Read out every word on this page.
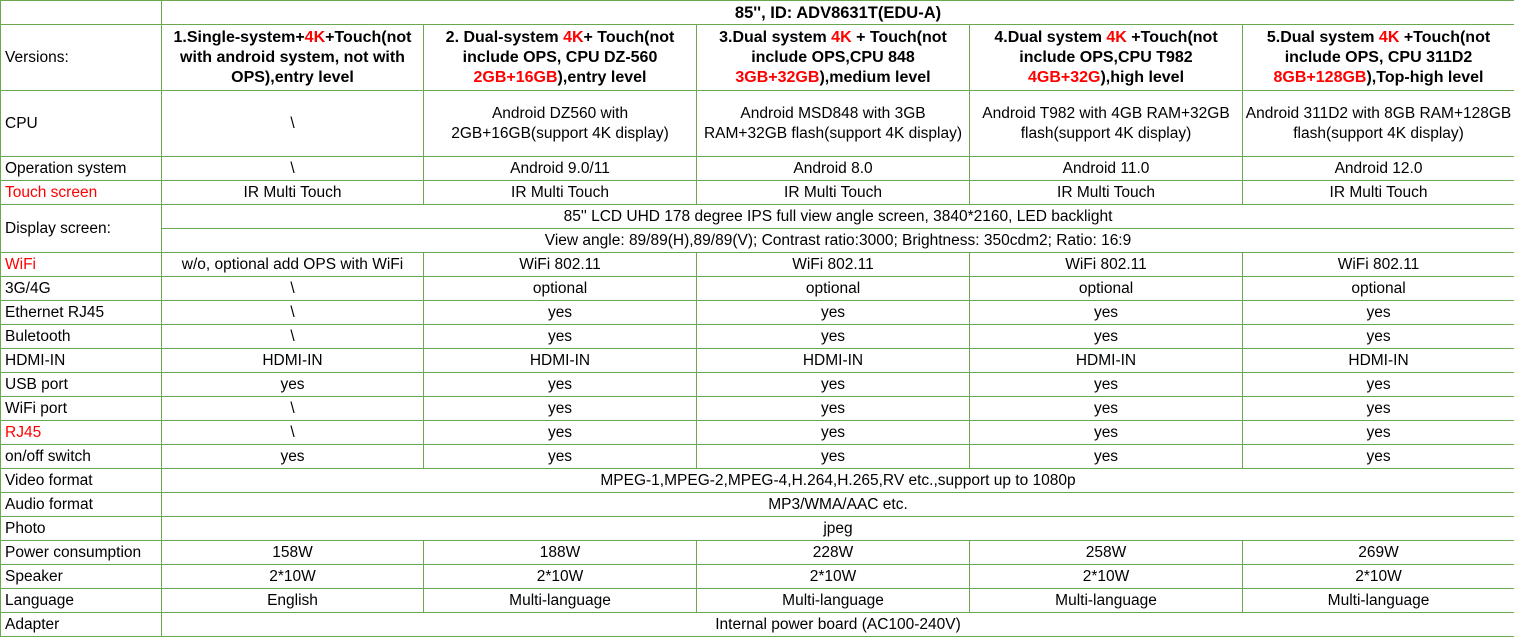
	85'', ID: ADV8631T(EDU-A)				
Versions:	1.Single-system+4K+Touch(not with android system, not with OPS),entry level	2. Dual-system 4K+ Touch(not include OPS, CPU DZ-560 2GB+16GB),entry level	3.Dual system 4K + Touch(not include OPS,CPU 848 3GB+32GB),medium level	4.Dual system 4K +Touch(not include OPS,CPU T982 4GB+32G),high level	5.Dual system 4K +Touch(not include OPS, CPU 311D2 8GB+128GB),Top-high level
CPU	\	Android DZ560 with 2GB+16GB(support 4K display)	Android MSD848 with 3GB RAM+32GB flash(support 4K display)	Android T982 with 4GB RAM+32GB flash(support 4K display)	Android 311D2 with 8GB RAM+128GB flash(support 4K display)
Operation system	\	Android 9.0/11	Android 8.0	Android 11.0	Android 12.0
Touch screen	IR Multi Touch	IR Multi Touch	IR Multi Touch	IR Multi Touch	IR Multi Touch
Display screen:	85'' LCD UHD 178 degree IPS full view angle screen, 3840*2160, LED backlight				
	View angle: 89/89(H),89/89(V); Contrast ratio:3000; Brightness: 350cdm2; Ratio: 16:9				
WiFi	w/o, optional add OPS with WiFi	WiFi 802.11	WiFi 802.11	WiFi 802.11	WiFi 802.11
3G/4G	\	optional	optional	optional	optional
Ethernet RJ45	\	yes	yes	yes	yes
Buletooth	\	yes	yes	yes	yes
HDMI-IN	HDMI-IN	HDMI-IN	HDMI-IN	HDMI-IN	HDMI-IN
USB port	yes	yes	yes	yes	yes
WiFi port	\	yes	yes	yes	yes
RJ45	\	yes	yes	yes	yes
on/off switch	yes	yes	yes	yes	yes
Video format	MPEG-1,MPEG-2,MPEG-4,H.264,H.265,RV etc.,support up to 1080p				
Audio format	MP3/WMA/AAC etc.				
Photo	jpeg				
Power consumption	158W	188W	228W	258W	269W
Speaker	2*10W	2*10W	2*10W	2*10W	2*10W
Language	English	Multi-language	Multi-language	Multi-language	Multi-language
Adapter	Internal power board (AC100-240V)				
